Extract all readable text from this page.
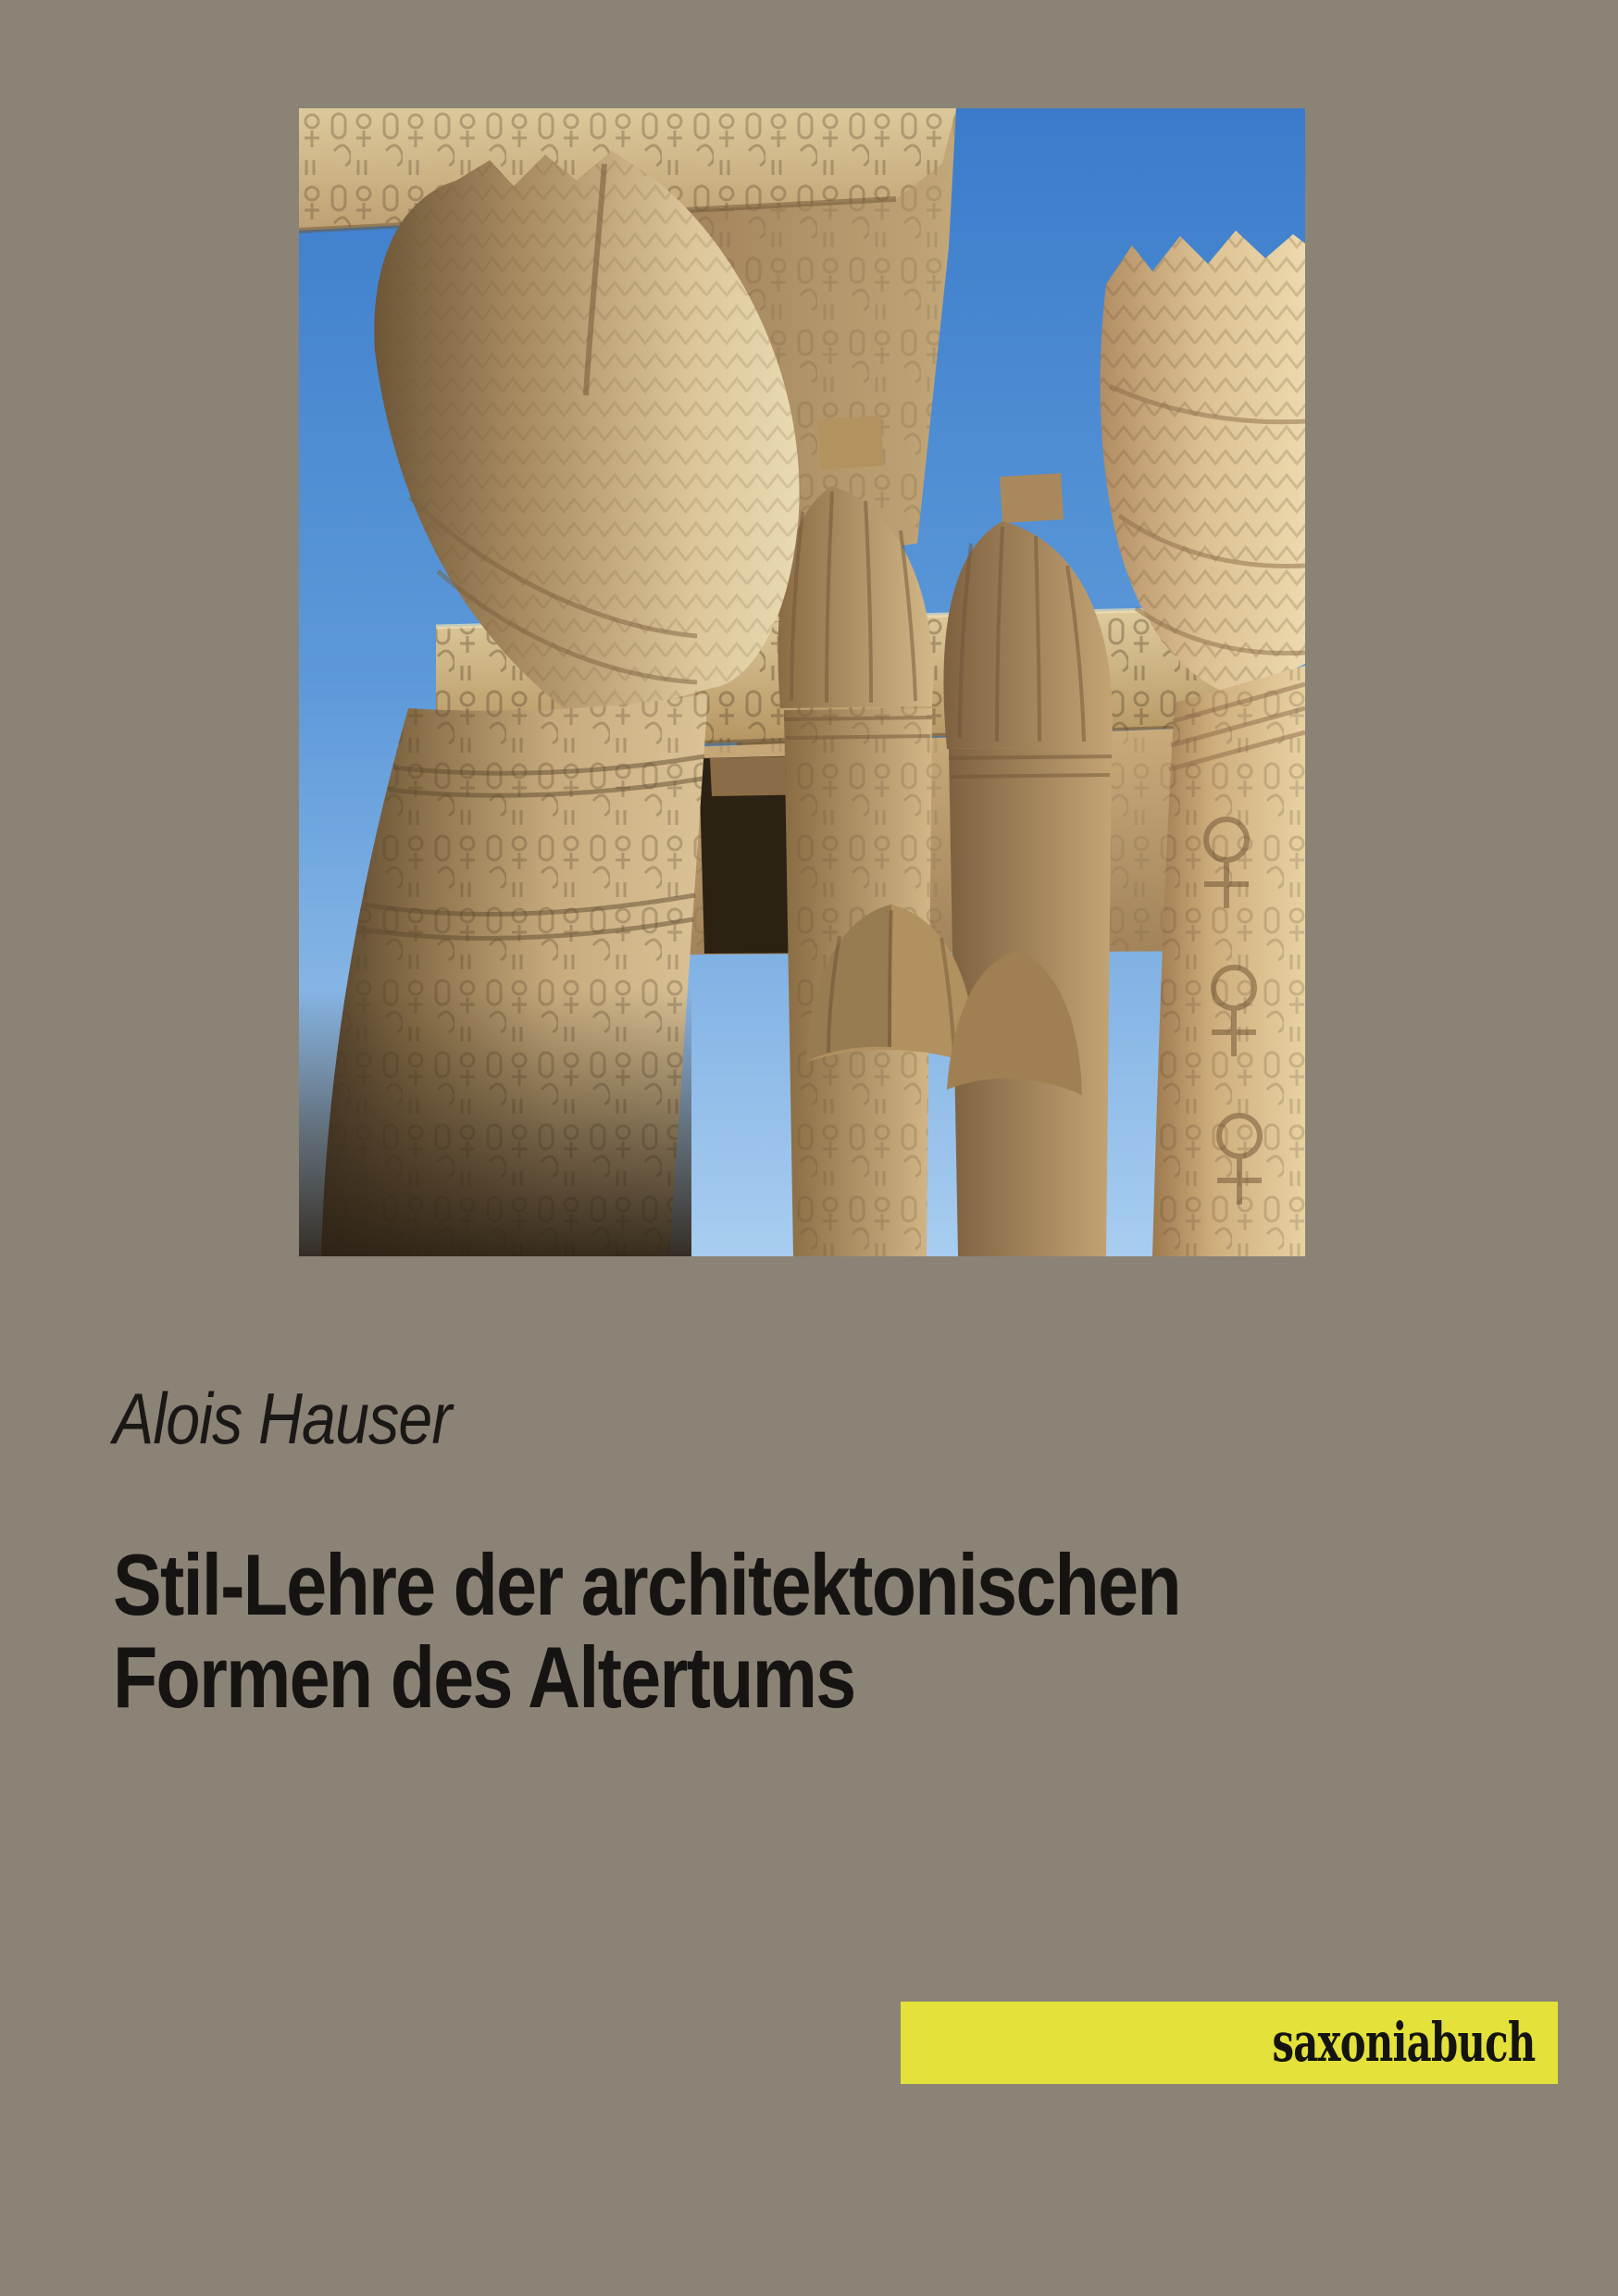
Alois Hauser
Stil-Lehre der architektonischen
Formen des Altertums
saxoniabuch
